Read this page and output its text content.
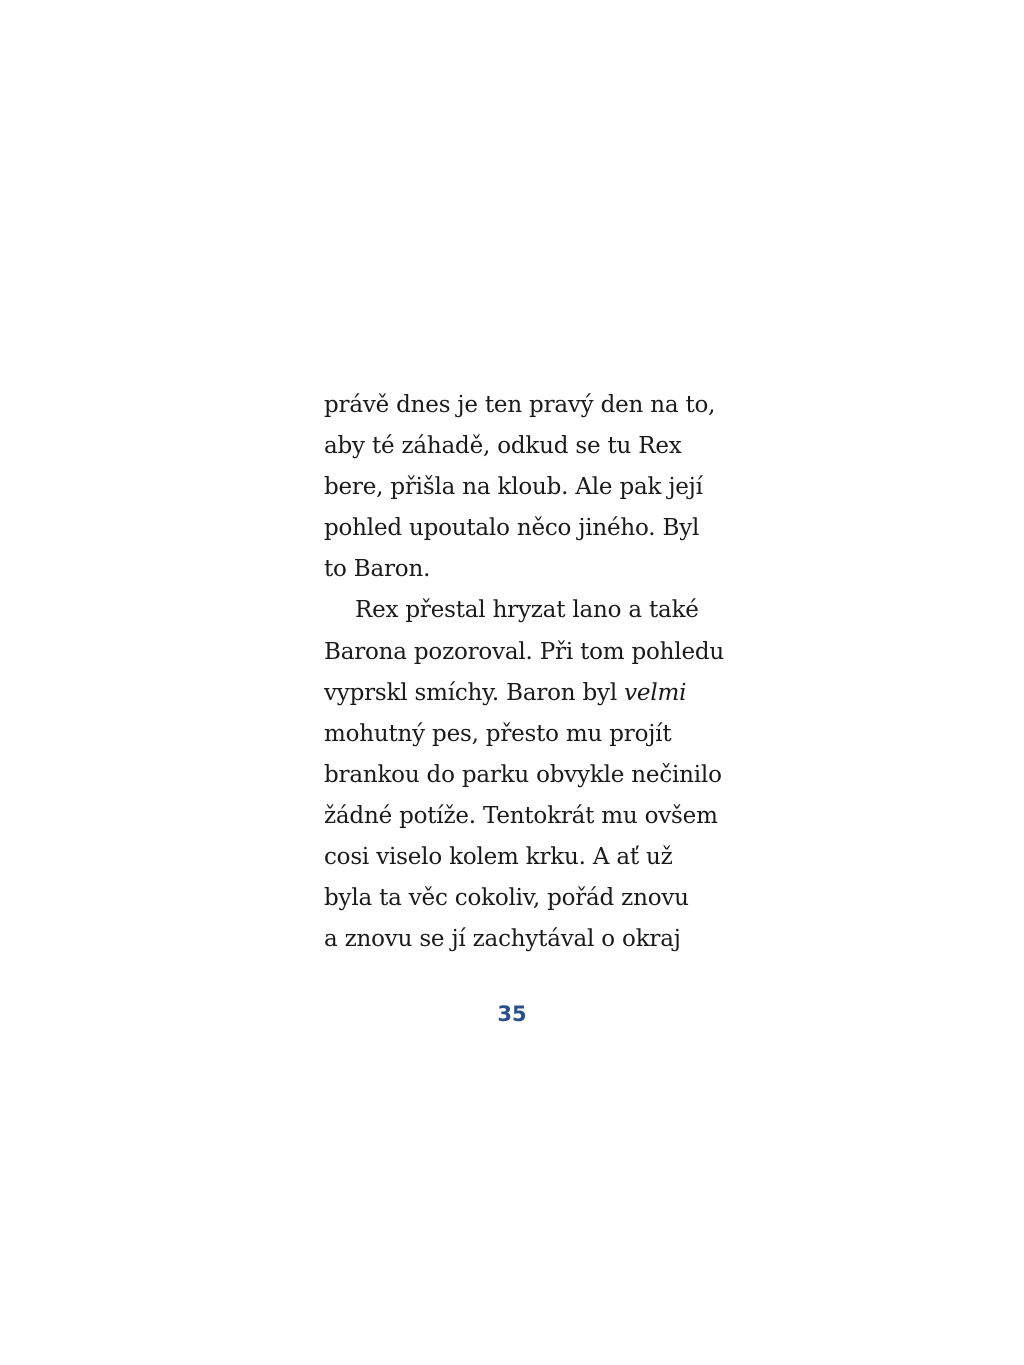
právě dnes je ten pravý den na to,
aby té záhadě, odkud se tu Rex
bere, přišla na kloub. Ale pak její
pohled upoutalo něco jiného. Byl
to Baron.
Rex přestal hryzat lano a také
Barona pozoroval. Při tom pohledu
vyprskl smíchy. Baron byl velmi
mohutný pes, přesto mu projít
brankou do parku obvykle nečinilo
žádné potíže. Tentokrát mu ovšem
cosi viselo kolem krku. A ať už
byla ta věc cokoliv, pořád znovu
a znovu se jí zachytával o okraj
35
